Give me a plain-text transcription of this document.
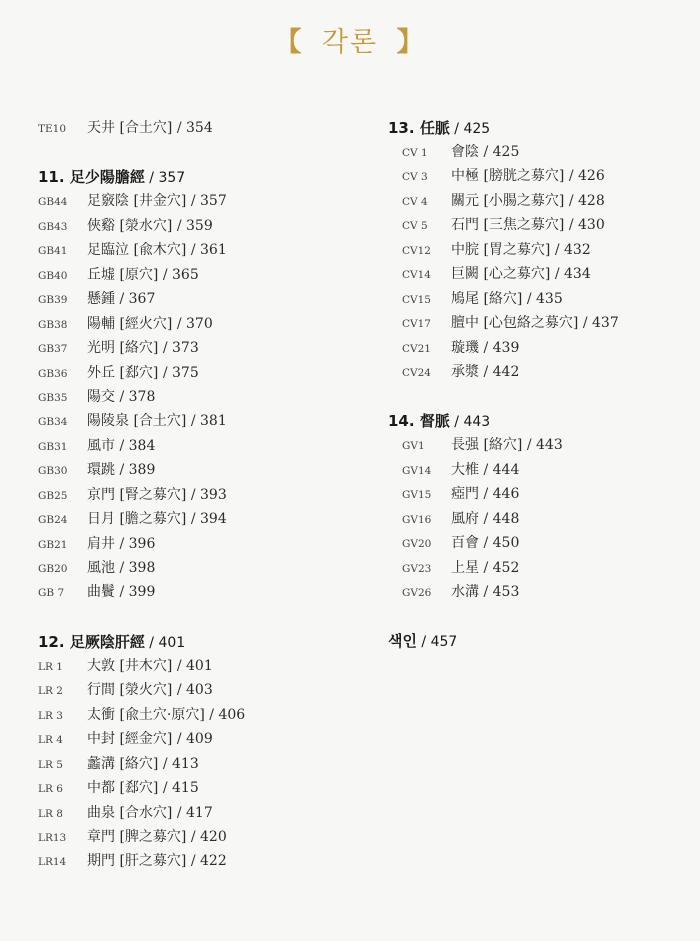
【 각론 】
TE10 天井 [合土穴] / 354
11. 足少陽膽經 / 357
GB44 足竅陰 [井金穴] / 357
GB43 俠谿 [滎水穴] / 359
GB41 足臨泣 [兪木穴] / 361
GB40 丘墟 [原穴] / 365
GB39 懸鍾 / 367
GB38 陽輔 [經火穴] / 370
GB37 光明 [絡穴] / 373
GB36 外丘 [郄穴] / 375
GB35 陽交 / 378
GB34 陽陵泉 [合土穴] / 381
GB31 風市 / 384
GB30 環跳 / 389
GB25 京門 [腎之募穴] / 393
GB24 日月 [膽之募穴] / 394
GB21 肩井 / 396
GB20 風池 / 398
GB 7 曲鬢 / 399
12. 足厥陰肝經 / 401
LR 1 大敦 [井木穴] / 401
LR 2 行間 [滎火穴] / 403
LR 3 太衝 [兪土穴·原穴] / 406
LR 4 中封 [經金穴] / 409
LR 5 蠡溝 [絡穴] / 413
LR 6 中都 [郄穴] / 415
LR 8 曲泉 [合水穴] / 417
LR13 章門 [脾之募穴] / 420
LR14 期門 [肝之募穴] / 422
13. 任脈 / 425
CV 1 會陰 / 425
CV 3 中極 [膀胱之募穴] / 426
CV 4 關元 [小腸之募穴] / 428
CV 5 石門 [三焦之募穴] / 430
CV12 中脘 [胃之募穴] / 432
CV14 巨闕 [心之募穴] / 434
CV15 鳩尾 [絡穴] / 435
CV17 膻中 [心包絡之募穴] / 437
CV21 璇璣 / 439
CV24 承漿 / 442
14. 督脈 / 443
GV1 長强 [絡穴] / 443
GV14 大椎 / 444
GV15 瘂門 / 446
GV16 風府 / 448
GV20 百會 / 450
GV23 上星 / 452
GV26 水溝 / 453
색인 / 457
